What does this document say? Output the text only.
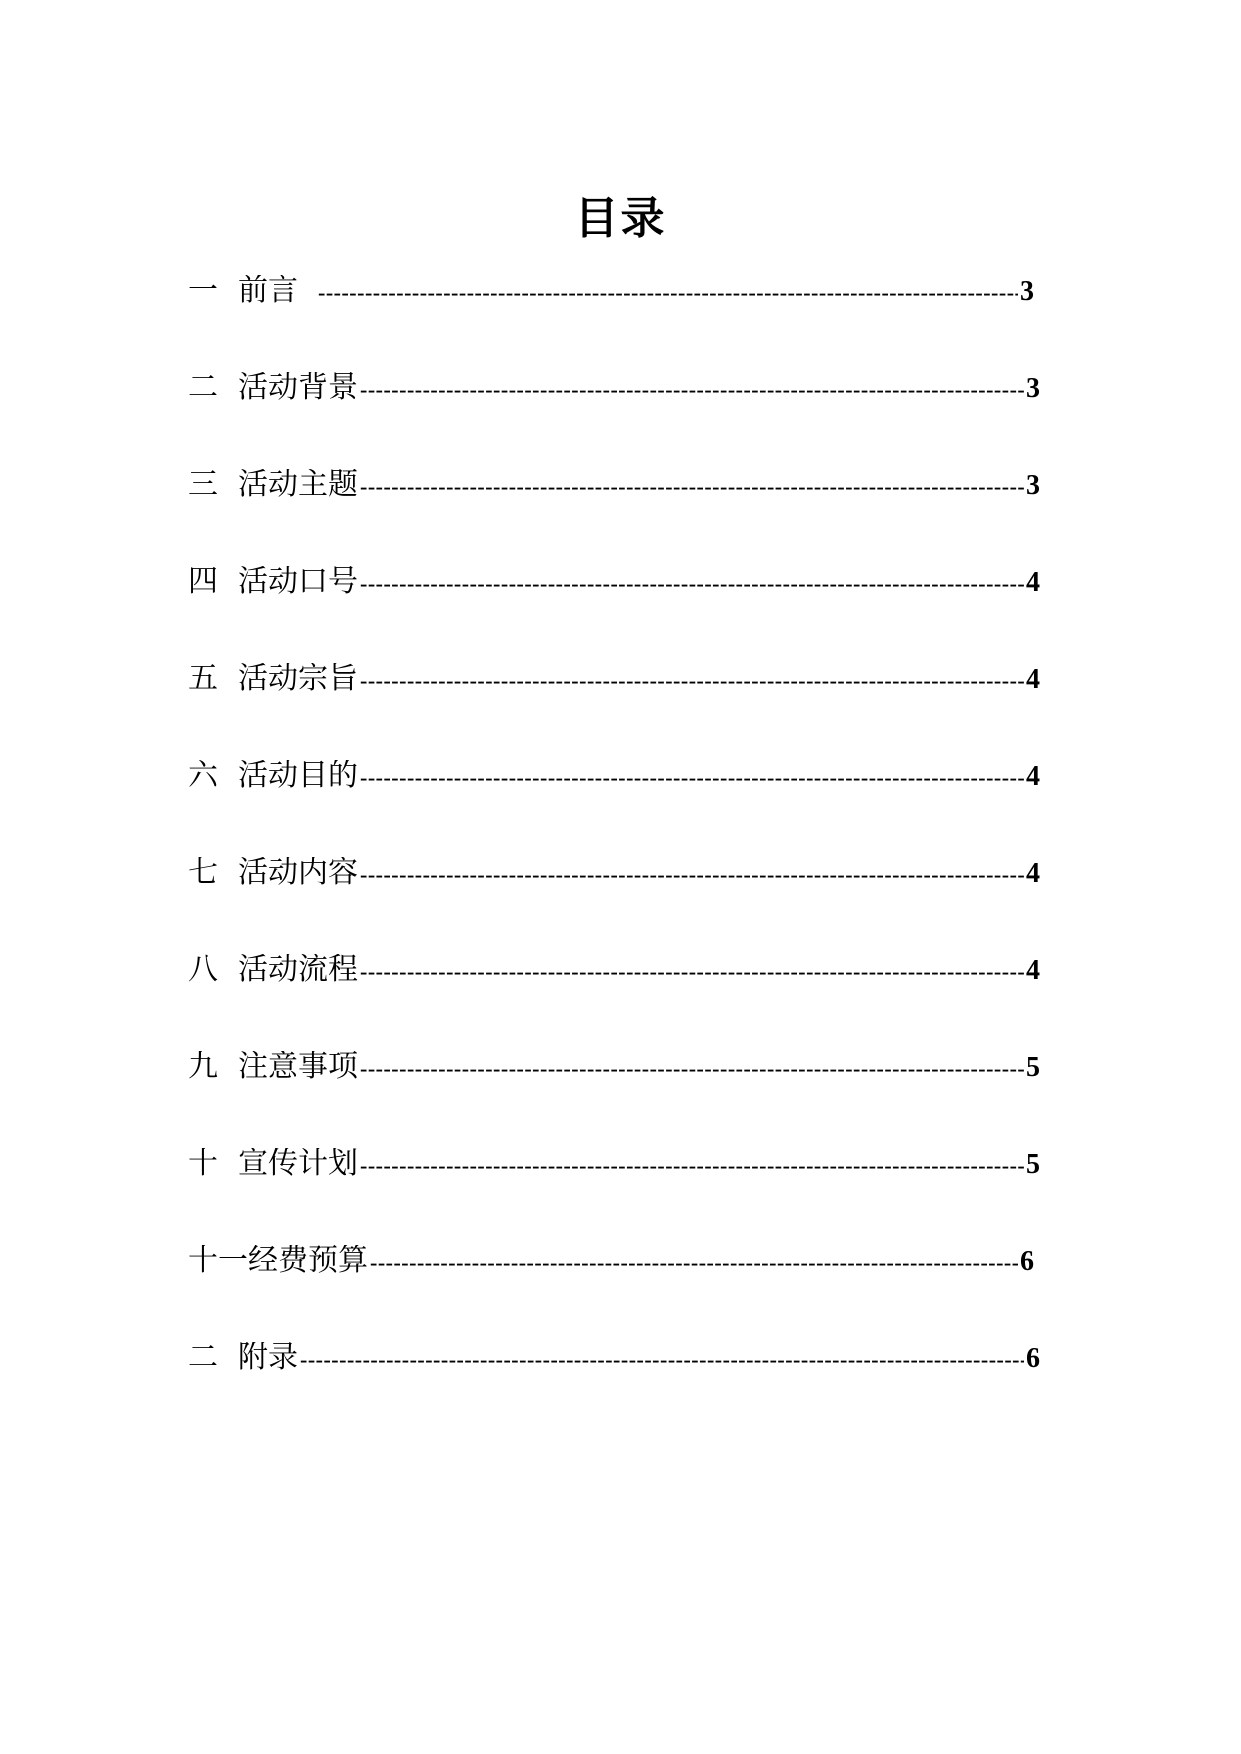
目录
一 前言 -----	3
二 活动背景 -----	3
三 活动主题 -----	3
四 活动口号 -----	4
五 活动宗旨 -----	4
六 活动目的 -----	4
七 活动内容 -----	4
八 活动流程 -----	4
九 注意事项 -----	5
十 宣传计划 -----	5
十一经费预算 -----	6
二 附录 -----	6
